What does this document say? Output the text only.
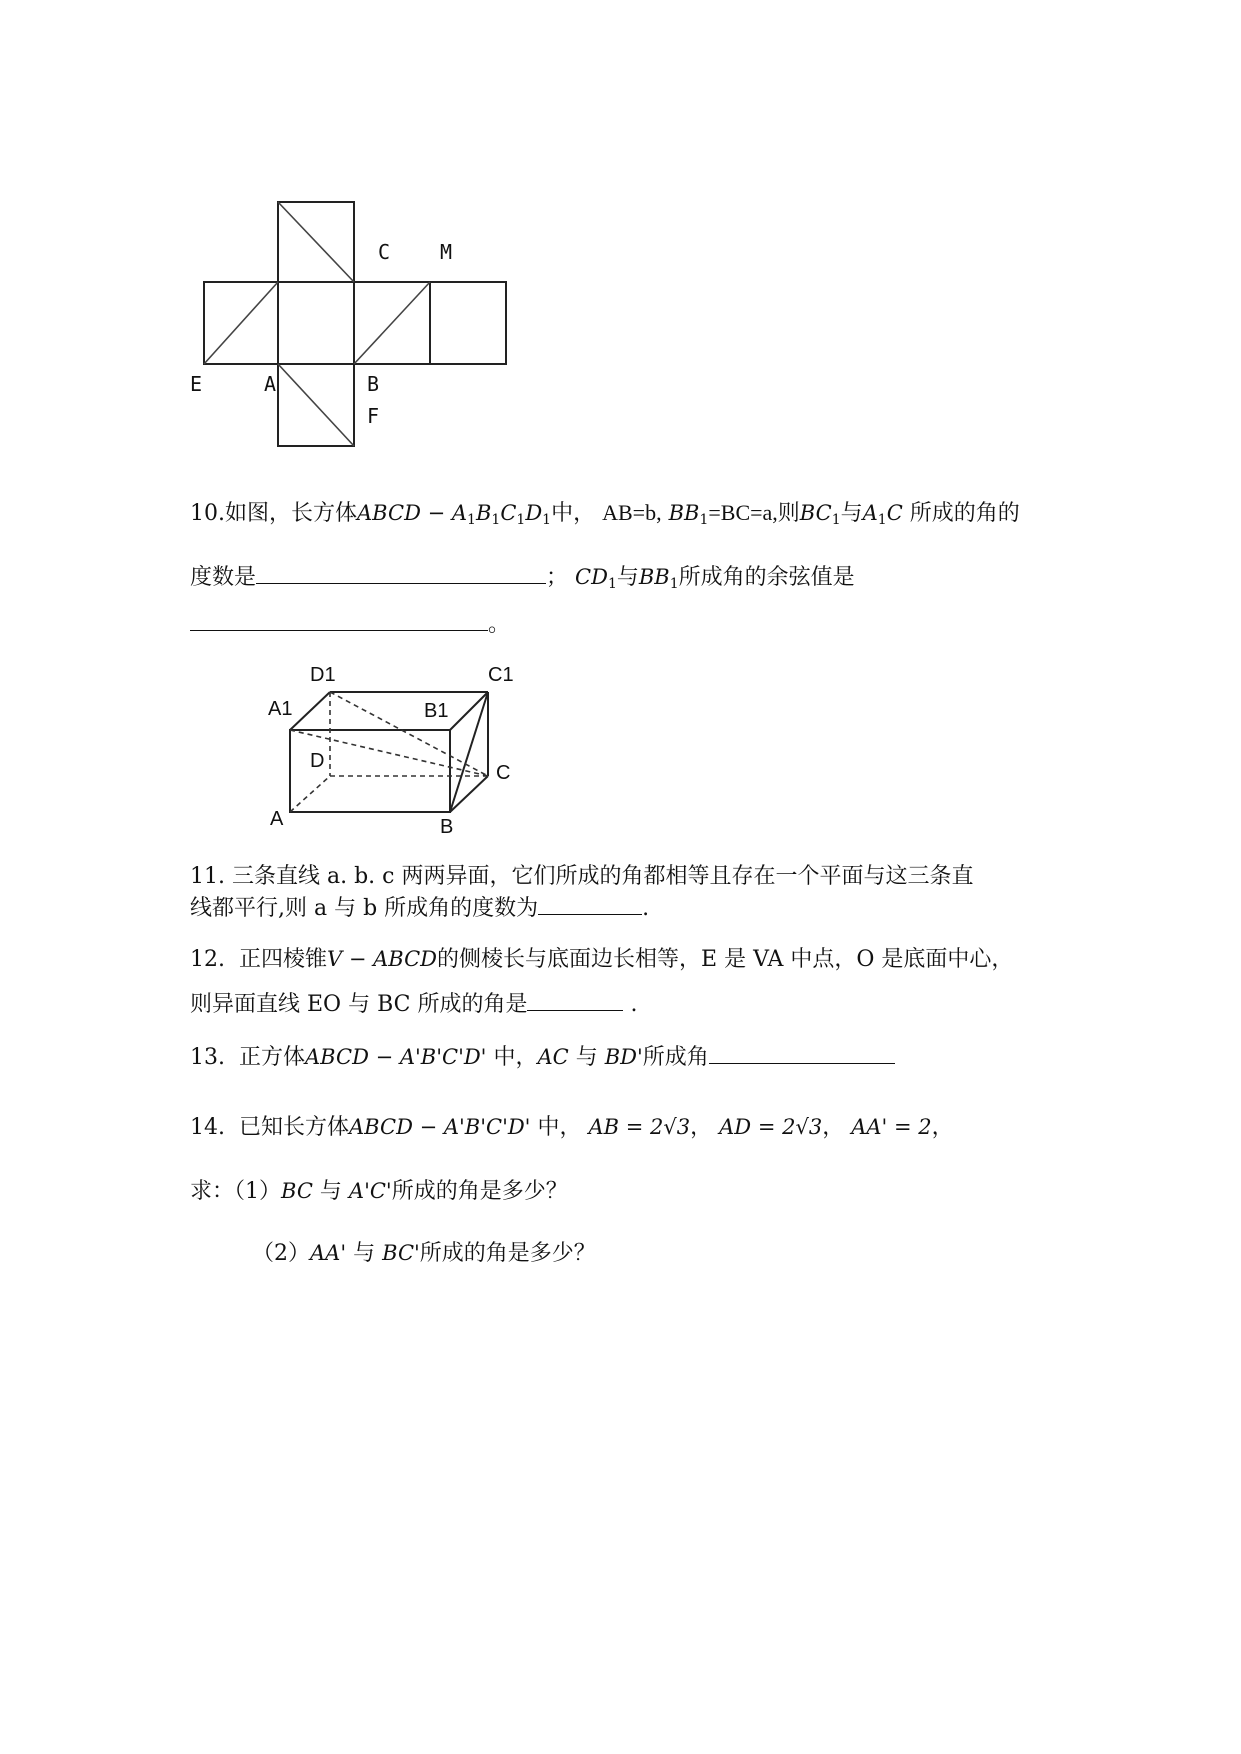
C M
E	A	B
F
10.如图，长方体ABCD − $A_1B_1C_1D_1$中， AB=b, $BB_1=BC=a$,则$BC_1$与$A_1C$ 所成的角的
度数是	； $CD_1$与$BB_1$所成角的余弦值是
。
D1	C1
A1	B1
D
C
A	B
11. 三条直线 a. b. c 两两异面，它们所成的角都相等且存在一个平面与这三条直
线都平行,则 a 与 b 所成角的度数为	.
12. 正四棱锥V − ABCD的侧棱长与底面边长相等，E 是 VA 中点，O 是底面中心，
则异面直线 EO 与 BC 所成的角是	.
13. 正方体ABCD − A'B'C'D' 中，AC 与 BD'所成角
14. 已知长方体ABCD − A'B'C'D' 中， AB = 2√3， AD = 2√3， AA' = 2，
求：（1）BC 与 A'C'所成的角是多少？
（2）AA' 与 BC'所成的角是多少？
